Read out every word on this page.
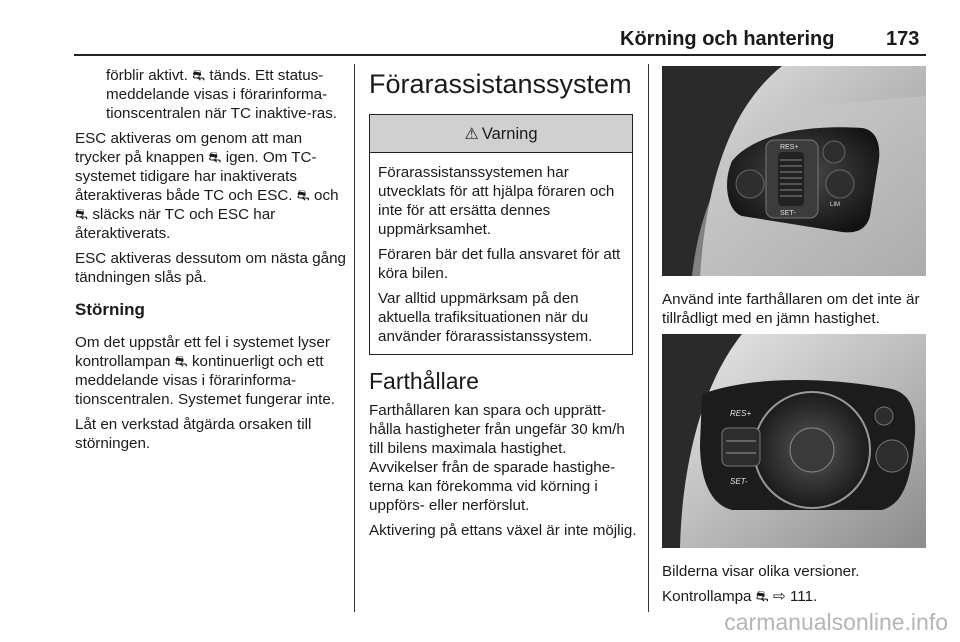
Körning och hantering	173

förblir aktivt. ⛐ tänds. Ett status-meddelande visas i förarinforma-tionscentralen när TC inaktive-ras.

ESC aktiveras om genom att man trycker på knappen ⛐ igen. Om TC-systemet tidigare har inaktiverats återaktiveras både TC och ESC. ⛐ och ⛐ släcks när TC och ESC har återaktiverats.

ESC aktiveras dessutom om nästa gång tändningen slås på.

Störning

Om det uppstår ett fel i systemet lyser kontrollampan ⛐ kontinuerligt och ett meddelande visas i förarinforma-tionscentralen. Systemet fungerar inte.

Låt en verkstad åtgärda orsaken till störningen.

Förarassistanssystem
⚠ Varning

Förarassistanssystemen har utvecklats för att hjälpa föraren och inte för att ersätta dennes uppmärksamhet.

Föraren bär det fulla ansvaret för att köra bilen.

Var alltid uppmärksam på den aktuella trafiksituationen när du använder förarassistanssystem.

Farthållare

Farthållaren kan spara och upprätt-hålla hastigheter från ungefär 30 km/h till bilens maximala hastighet. Avvikelser från de sparade hastighe-terna kan förekomma vid körning i uppförs- eller nerförslut.

Aktivering på ettans växel är inte möjlig.

RES+
SET-
LIM

Använd inte farthållaren om det inte är tillrådligt med en jämn hastighet.

RES+
SET-

Bilderna visar olika versioner.

Kontrollampa ⛐ ⇨ 111.

carmanualsonline.info
